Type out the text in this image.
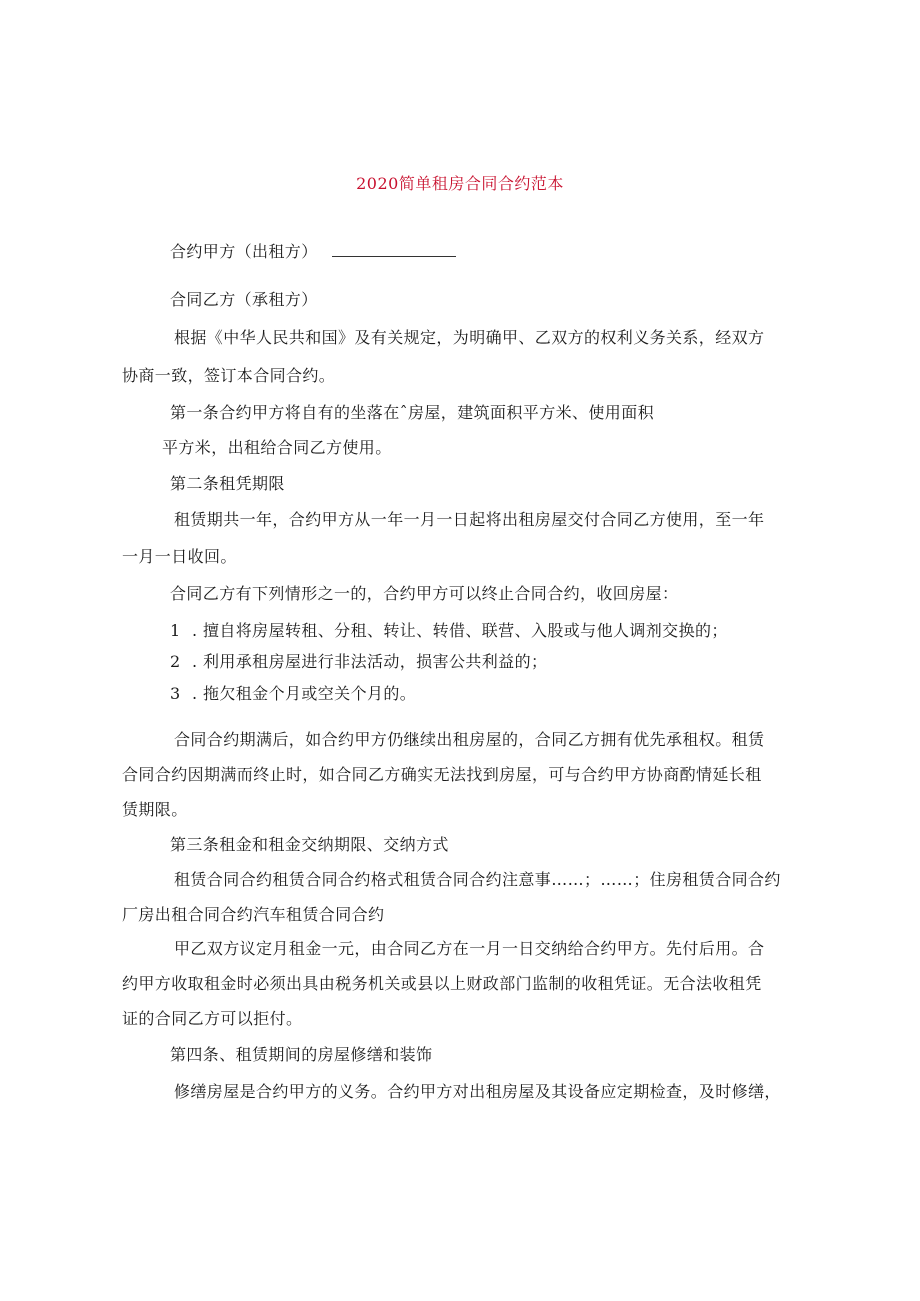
2020简单租房合同合约范本
合约甲方（出租方）
合同乙方（承租方）
根据《中华人民共和国》及有关规定，为明确甲、乙双方的权利义务关系，经双方
协商一致，签订本合同合约。
第一条合约甲方将自有的坐落在ˆ房屋，建筑面积平方米、使用面积
平方米，出租给合同乙方使用。
第二条租凭期限
租赁期共一年，合约甲方从一年一月一日起将出租房屋交付合同乙方使用，至一年
一月一日收回。
合同乙方有下列情形之一的，合约甲方可以终止合同合约，收回房屋：
1 . 擅自将房屋转租、分租、转让、转借、联营、入股或与他人调剂交换的；
2 . 利用承租房屋进行非法活动，损害公共利益的；
3 . 拖欠租金个月或空关个月的。
合同合约期满后，如合约甲方仍继续出租房屋的，合同乙方拥有优先承租权。租赁
合同合约因期满而终止时，如合同乙方确实无法找到房屋，可与合约甲方协商酌情延长租
赁期限。
第三条租金和租金交纳期限、交纳方式
租赁合同合约租赁合同合约格式租赁合同合约注意事……；……；住房租赁合同合约
厂房出租合同合约汽车租赁合同合约
甲乙双方议定月租金一元，由合同乙方在一月一日交纳给合约甲方。先付后用。合
约甲方收取租金时必须出具由税务机关或县以上财政部门监制的收租凭证。无合法收租凭
证的合同乙方可以拒付。
第四条、租赁期间的房屋修缮和装饰
修缮房屋是合约甲方的义务。合约甲方对出租房屋及其设备应定期检查，及时修缮，
